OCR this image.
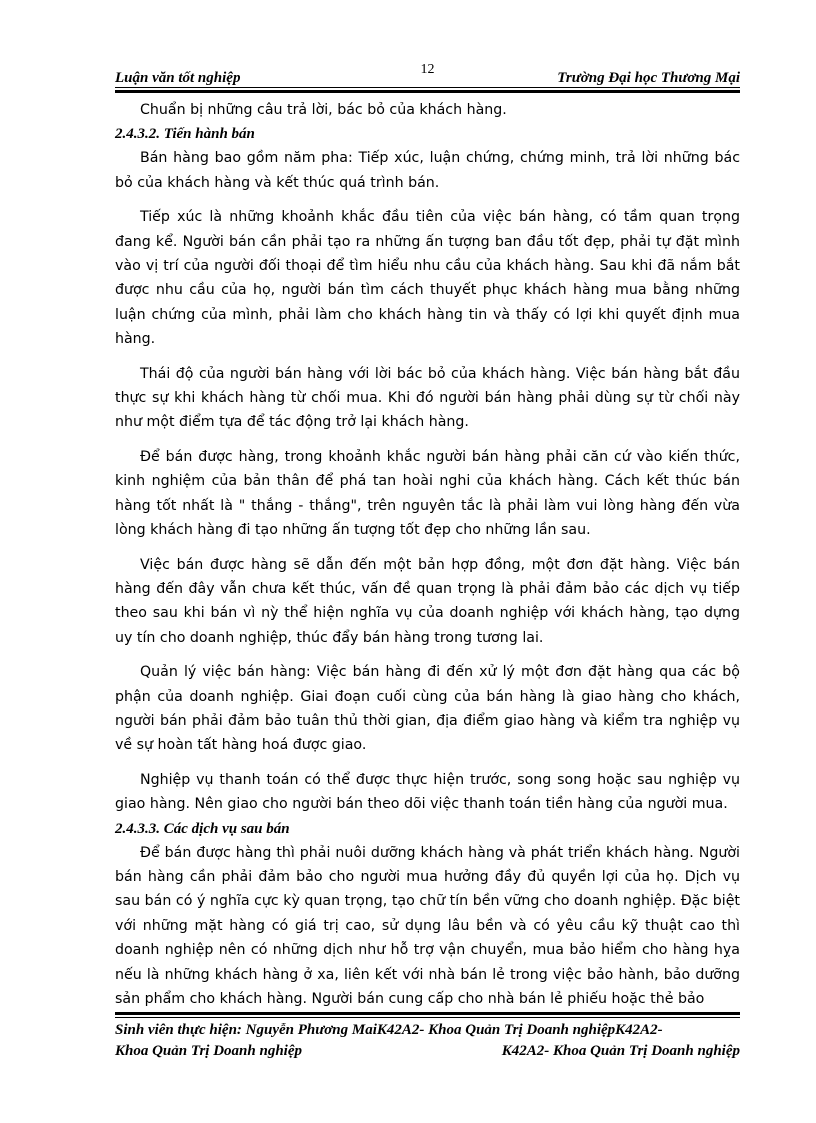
Luận văn tốt nghiệp
12
Trường Đại học Thương Mại

Chuẩn bị những câu trả lời, bác bỏ của khách hàng.

2.4.3.2. Tiến hành bán

Bán hàng bao gồm năm pha: Tiếp xúc, luận chứng, chứng minh, trả lời những bác bỏ của khách hàng và kết thúc quá trình bán.

Tiếp xúc là những khoảnh khắc đầu tiên của việc bán hàng, có tầm quan trọng đang kể. Người bán cần phải tạo ra những ấn tượng ban đầu tốt đẹp, phải tự đặt mình vào vị trí của người đối thoại để tìm hiểu nhu cầu của khách hàng. Sau khi đã nắm bắt được nhu cầu của họ, người bán tìm cách thuyết phục khách hàng mua bằng những luận chứng của mình, phải làm cho khách hàng tin và thấy có lợi khi quyết định mua hàng.

Thái độ của người bán hàng với lời bác bỏ của khách hàng. Việc bán hàng bắt đầu thực sự khi khách hàng từ chối mua. Khi đó người bán hàng phải dùng sự từ chối này như một điểm tựa để tác động trở lại khách hàng.

Để bán được hàng, trong khoảnh khắc người bán hàng phải căn cứ vào kiến thức, kinh nghiệm của bản thân để phá tan hoài nghi của khách hàng. Cách kết thúc bán hàng tốt nhất là " thắng - thắng", trên nguyên tắc là phải làm vui lòng hàng đến vừa lòng khách hàng đi tạo những ấn tượng tốt đẹp cho những lần sau.

Việc bán được hàng sẽ dẫn đến một bản hợp đồng, một đơn đặt hàng. Việc bán hàng đến đây vẫn chưa kết thúc, vấn đề quan trọng là phải đảm bảo các dịch vụ tiếp theo sau khi bán vì nỳ thể hiện nghĩa vụ của doanh nghiệp với khách hàng, tạo dựng uy tín cho doanh nghiệp, thúc đẩy bán hàng trong tương lai.

Quản lý việc bán hàng: Việc bán hàng đi đến xử lý một đơn đặt hàng qua các bộ phận của doanh nghiệp. Giai đoạn cuối cùng của bán hàng là giao hàng cho khách, người bán phải đảm bảo tuân thủ thời gian, địa điểm giao hàng và kiểm tra nghiệp vụ về sự hoàn tất hàng hoá được giao.

Nghiệp vụ thanh toán có thể được thực hiện trước, song song hoặc sau nghiệp vụ giao hàng. Nên giao cho người bán theo dõi việc thanh toán tiền hàng của người mua.

2.4.3.3. Các dịch vụ sau bán

Để bán được hàng thì phải nuôi dưỡng khách hàng và phát triển khách hàng. Người bán hàng cần phải đảm bảo cho người mua hưởng đầy đủ quyền lợi của họ. Dịch vụ sau bán có ý nghĩa cực kỳ quan trọng, tạo chữ tín bền vững cho doanh nghiệp. Đặc biệt với những mặt hàng có giá trị cao, sử dụng lâu bền và có yêu cầu kỹ thuật cao thì doanh nghiệp nên có những dịch như hỗ trợ vận chuyển, mua bảo hiểm cho hàng hỵa nếu là những khách hàng ở xa, liên kết với nhà bán lẻ trong việc bảo hành, bảo dưỡng sản phẩm cho khách hàng. Người bán cung cấp cho nhà bán lẻ phiếu hoặc thẻ bảo

Sinh viên thực hiện: Nguyễn Phương MaiK42A2- Khoa Quản Trị Doanh nghiệpK42A2-
Khoa Quản Trị Doanh nghiệp	K42A2- Khoa Quản Trị Doanh nghiệp
